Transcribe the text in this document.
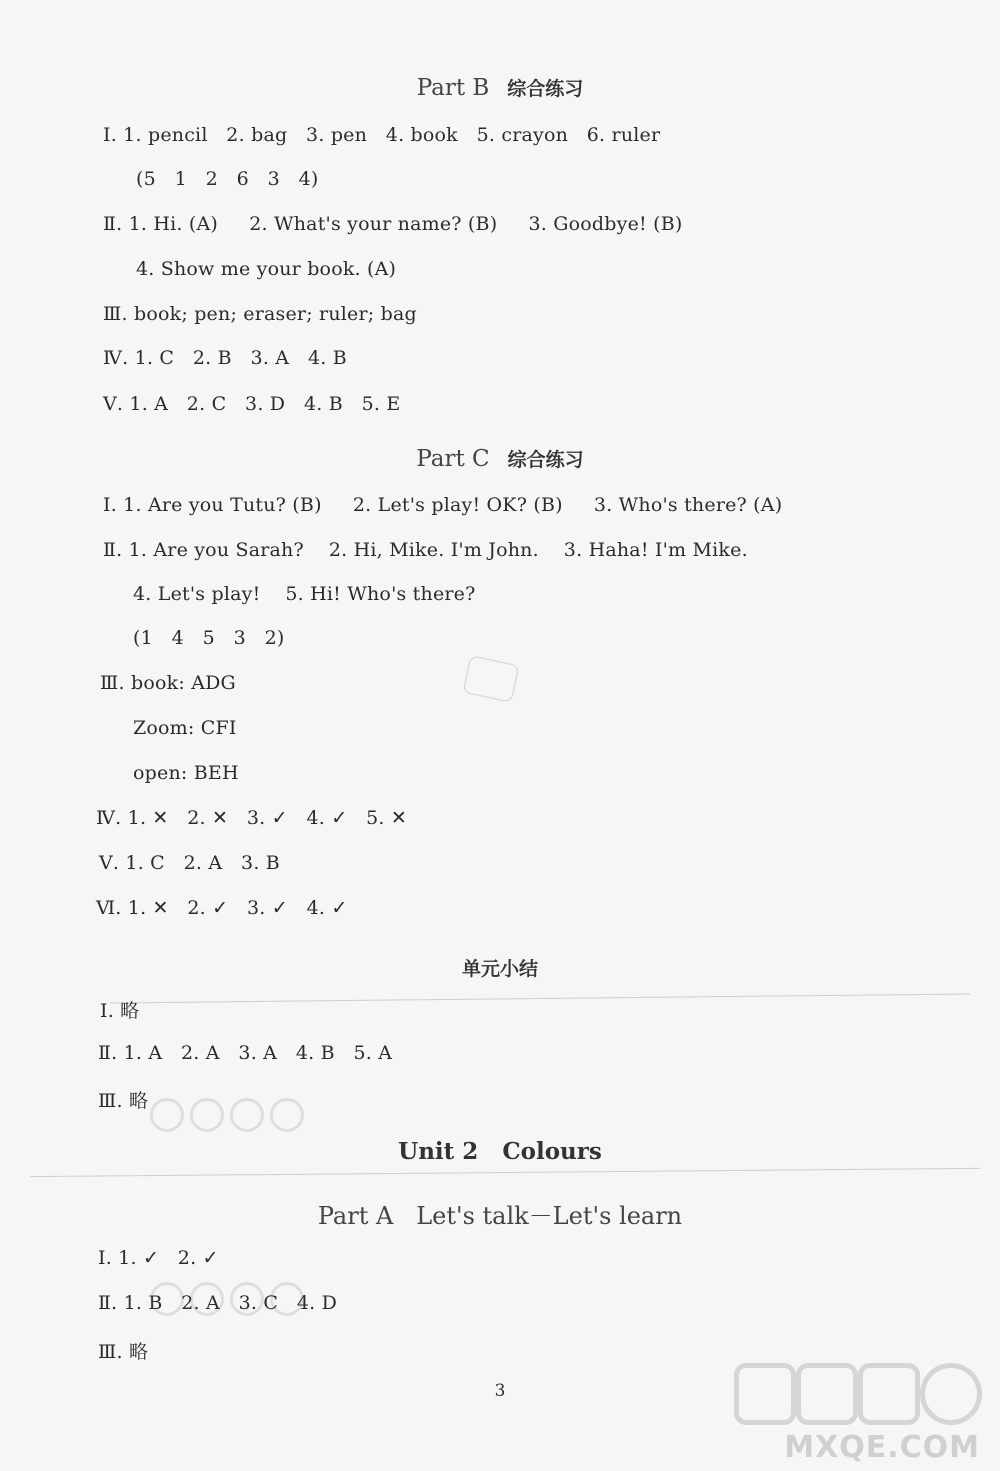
Part B 综合练习
Ⅰ. 1. pencil   2. bag   3. pen   4. book   5. crayon   6. ruler
(5   1   2   6   3   4)
Ⅱ. 1. Hi. (A)     2. What's your name? (B)     3. Goodbye! (B)
4. Show me your book. (A)
Ⅲ. book; pen; eraser; ruler; bag
Ⅳ. 1. C   2. B   3. A   4. B
Ⅴ. 1. A   2. C   3. D   4. B   5. E
Part C 综合练习
Ⅰ. 1. Are you Tutu? (B)     2. Let's play! OK? (B)     3. Who's there? (A)
Ⅱ. 1. Are you Sarah?    2. Hi, Mike. I'm John.    3. Haha! I'm Mike.
4. Let's play!    5. Hi! Who's there?
(1   4   5   3   2)
Ⅲ. book: ADG
Zoom: CFI
open: BEH
Ⅳ. 1. ✕   2. ✕   3. ✓   4. ✓   5. ✕
Ⅴ. 1. C   2. A   3. B
Ⅵ. 1. ✕   2. ✓   3. ✓   4. ✓
单元小结
Ⅰ. 略
Ⅱ. 1. A   2. A   3. A   4. B   5. A
Ⅲ. 略
Unit 2   Colours
Part A   Let's talk－Let's learn
Ⅰ. 1. ✓   2. ✓
Ⅱ. 1. B   2. A   3. C   4. D
Ⅲ. 略
3
MXQE.COM
